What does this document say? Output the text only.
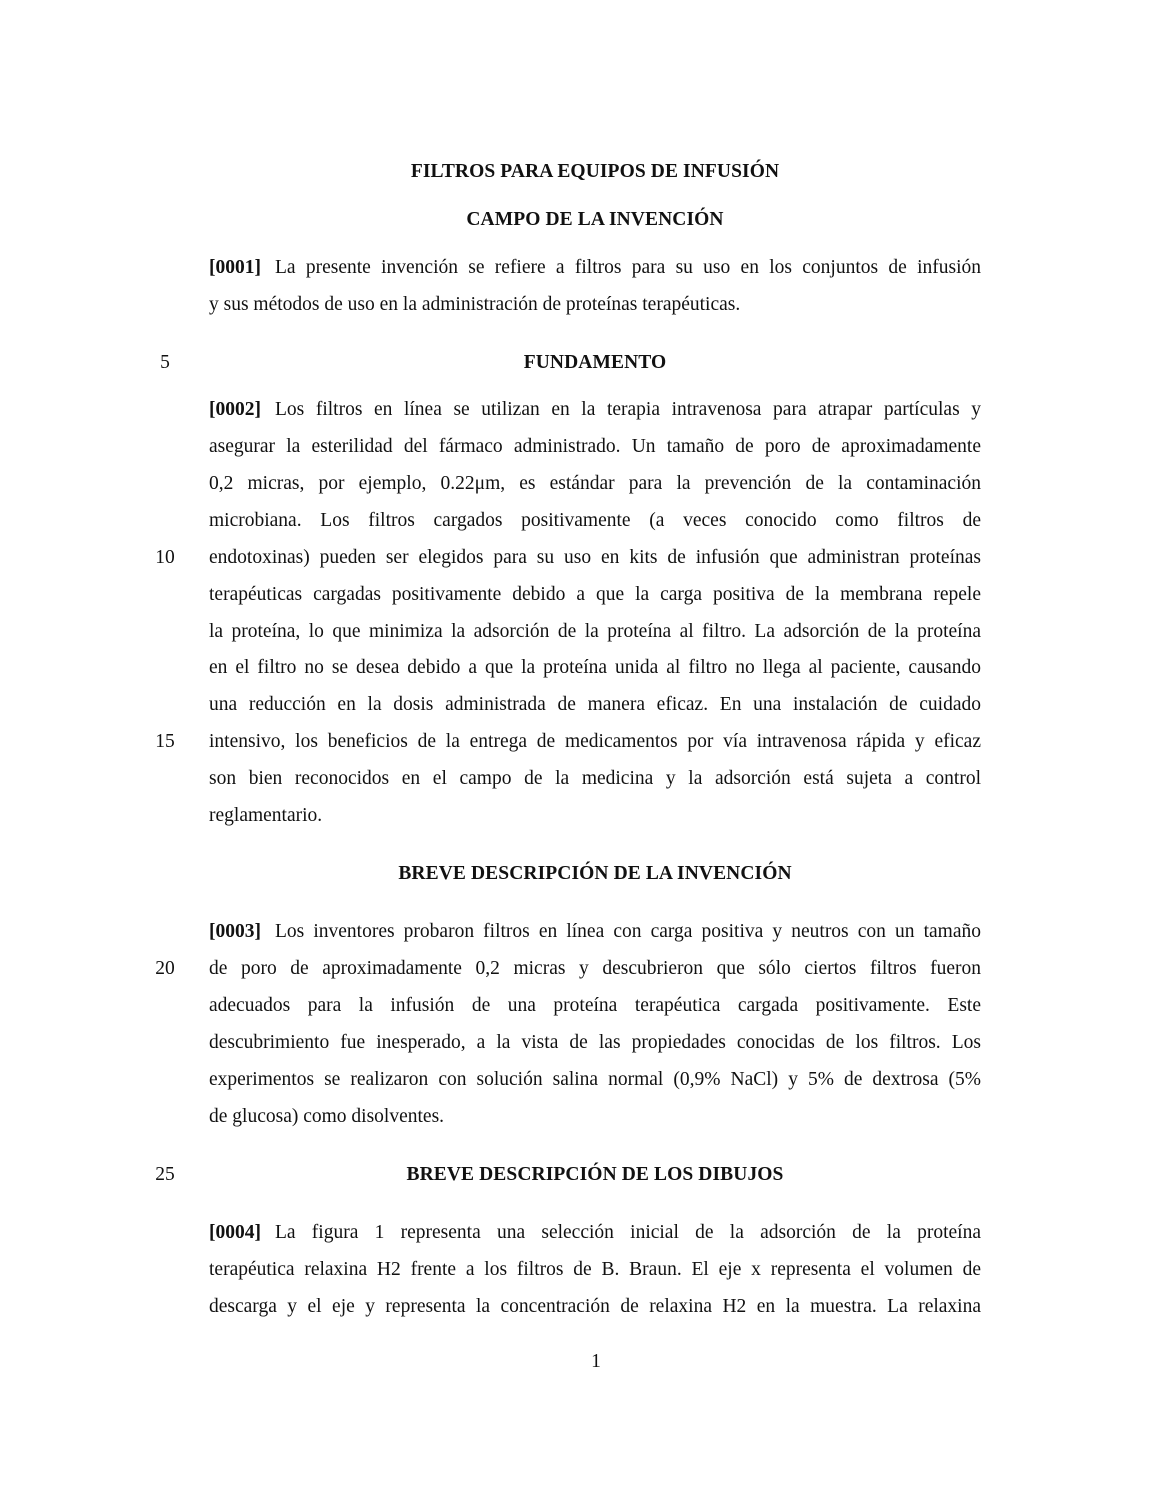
FILTROS PARA EQUIPOS DE INFUSIÓN
CAMPO DE LA INVENCIÓN
[0001] La presente invención se refiere a filtros para su uso en los conjuntos de infusión
y sus métodos de uso en la administración de proteínas terapéuticas.
5	FUNDAMENTO
[0002] Los filtros en línea se utilizan en la terapia intravenosa para atrapar partículas y
asegurar la esterilidad del fármaco administrado. Un tamaño de poro de aproximadamente
0,2 micras, por ejemplo, 0.22μm, es estándar para la prevención de la contaminación
microbiana. Los filtros cargados positivamente (a veces conocido como filtros de
10	endotoxinas) pueden ser elegidos para su uso en kits de infusión que administran proteínas
terapéuticas cargadas positivamente debido a que la carga positiva de la membrana repele
la proteína, lo que minimiza la adsorción de la proteína al filtro. La adsorción de la proteína
en el filtro no se desea debido a que la proteína unida al filtro no llega al paciente, causando
una reducción en la dosis administrada de manera eficaz. En una instalación de cuidado
15	intensivo, los beneficios de la entrega de medicamentos por vía intravenosa rápida y eficaz
son bien reconocidos en el campo de la medicina y la adsorción está sujeta a control
reglamentario.
BREVE DESCRIPCIÓN DE LA INVENCIÓN
[0003] Los inventores probaron filtros en línea con carga positiva y neutros con un tamaño
20	de poro de aproximadamente 0,2 micras y descubrieron que sólo ciertos filtros fueron
adecuados para la infusión de una proteína terapéutica cargada positivamente. Este
descubrimiento fue inesperado, a la vista de las propiedades conocidas de los filtros. Los
experimentos se realizaron con solución salina normal (0,9% NaCl) y 5% de dextrosa (5%
de glucosa) como disolventes.
25	BREVE DESCRIPCIÓN DE LOS DIBUJOS
[0004] La figura 1 representa una selección inicial de la adsorción de la proteína
terapéutica relaxina H2 frente a los filtros de B. Braun. El eje x representa el volumen de
descarga y el eje y representa la concentración de relaxina H2 en la muestra. La relaxina
1
